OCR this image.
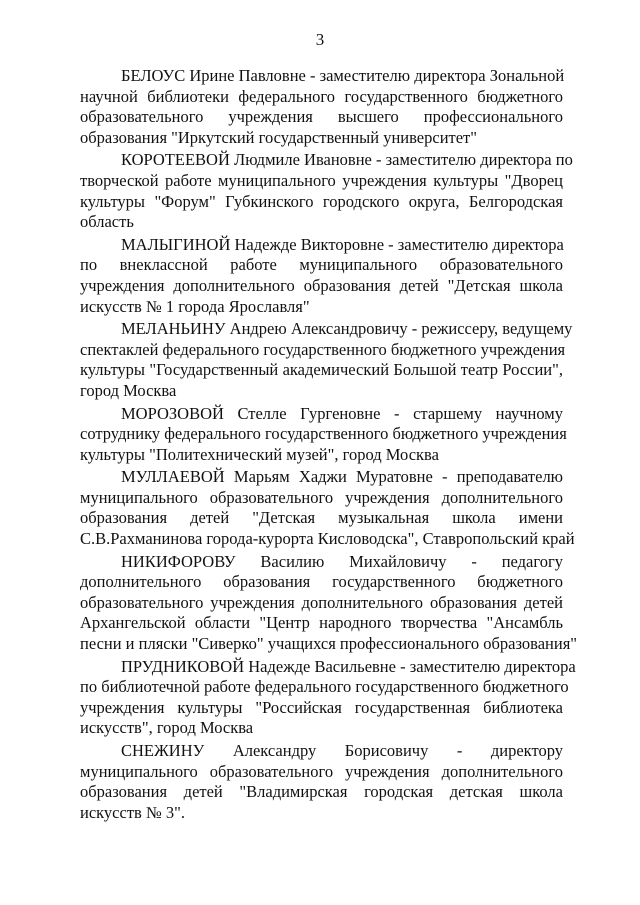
3
БЕЛОУС Ирине Павловне - заместителю директора Зональной
научной библиотеки федерального государственного бюджетного
образовательного учреждения высшего профессионального
образования "Иркутский государственный университет"
КОРОТЕЕВОЙ Людмиле Ивановне - заместителю директора по
творческой работе муниципального учреждения культуры "Дворец
культуры "Форум" Губкинского городского округа, Белгородская
область
МАЛЫГИНОЙ Надежде Викторовне - заместителю директора
по внеклассной работе муниципального образовательного
учреждения дополнительного образования детей "Детская школа
искусств № 1 города Ярославля"
МЕЛАНЬИНУ Андрею Александровичу - режиссеру, ведущему
спектаклей федерального государственного бюджетного учреждения
культуры "Государственный академический Большой театр России",
город Москва
МОРОЗОВОЙ Стелле Гургеновне - старшему научному
сотруднику федерального государственного бюджетного учреждения
культуры "Политехнический музей", город Москва
МУЛЛАЕВОЙ Марьям Хаджи Муратовне - преподавателю
муниципального образовательного учреждения дополнительного
образования детей "Детская музыкальная школа имени
С.В.Рахманинова города-курорта Кисловодска", Ставропольский край
НИКИФОРОВУ Василию Михайловичу - педагогу
дополнительного образования государственного бюджетного
образовательного учреждения дополнительного образования детей
Архангельской области "Центр народного творчества "Ансамбль
песни и пляски "Сиверко" учащихся профессионального образования"
ПРУДНИКОВОЙ Надежде Васильевне - заместителю директора
по библиотечной работе федерального государственного бюджетного
учреждения культуры "Российская государственная библиотека
искусств", город Москва
СНЕЖИНУ Александру Борисовичу - директору
муниципального образовательного учреждения дополнительного
образования детей "Владимирская городская детская школа
искусств № 3".
